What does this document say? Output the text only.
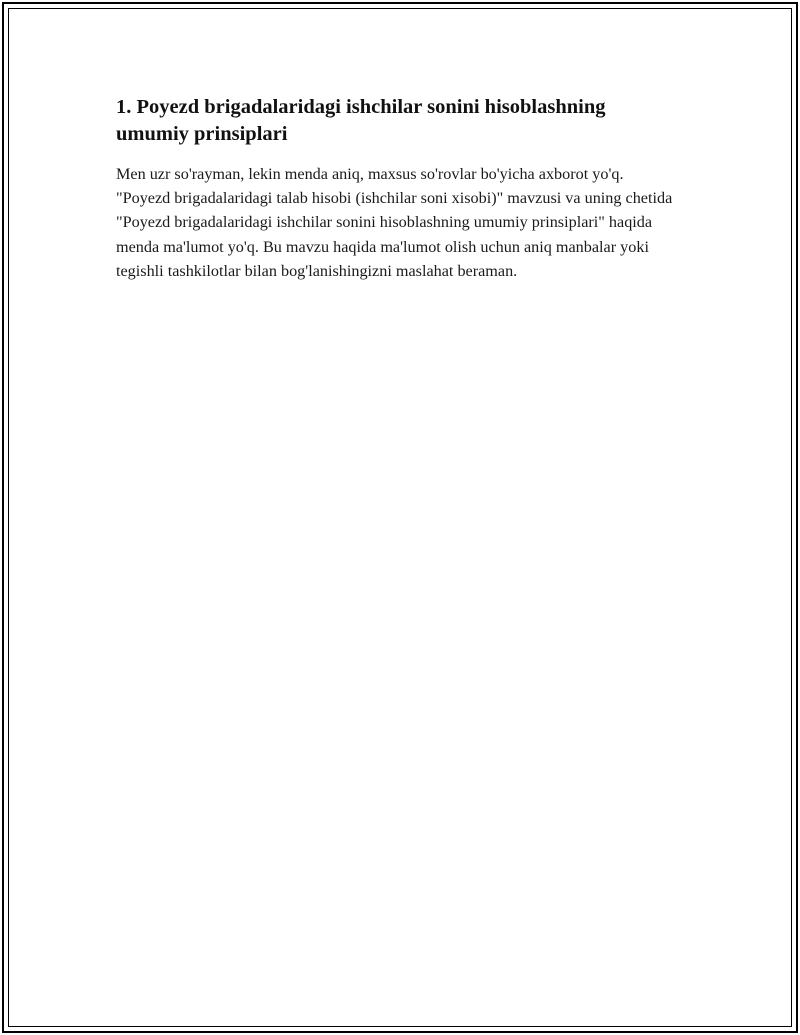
1. Poyezd brigadalaridagi ishchilar sonini hisoblashning umumiy prinsiplari

Men uzr so'rayman, lekin menda aniq, maxsus so'rovlar bo'yicha axborot yo'q. "Poyezd brigadalaridagi talab hisobi (ishchilar soni xisobi)" mavzusi va uning chetida "Poyezd brigadalaridagi ishchilar sonini hisoblashning umumiy prinsiplari" haqida menda ma'lumot yo'q. Bu mavzu haqida ma'lumot olish uchun aniq manbalar yoki tegishli tashkilotlar bilan bog'lanishingizni maslahat beraman.
